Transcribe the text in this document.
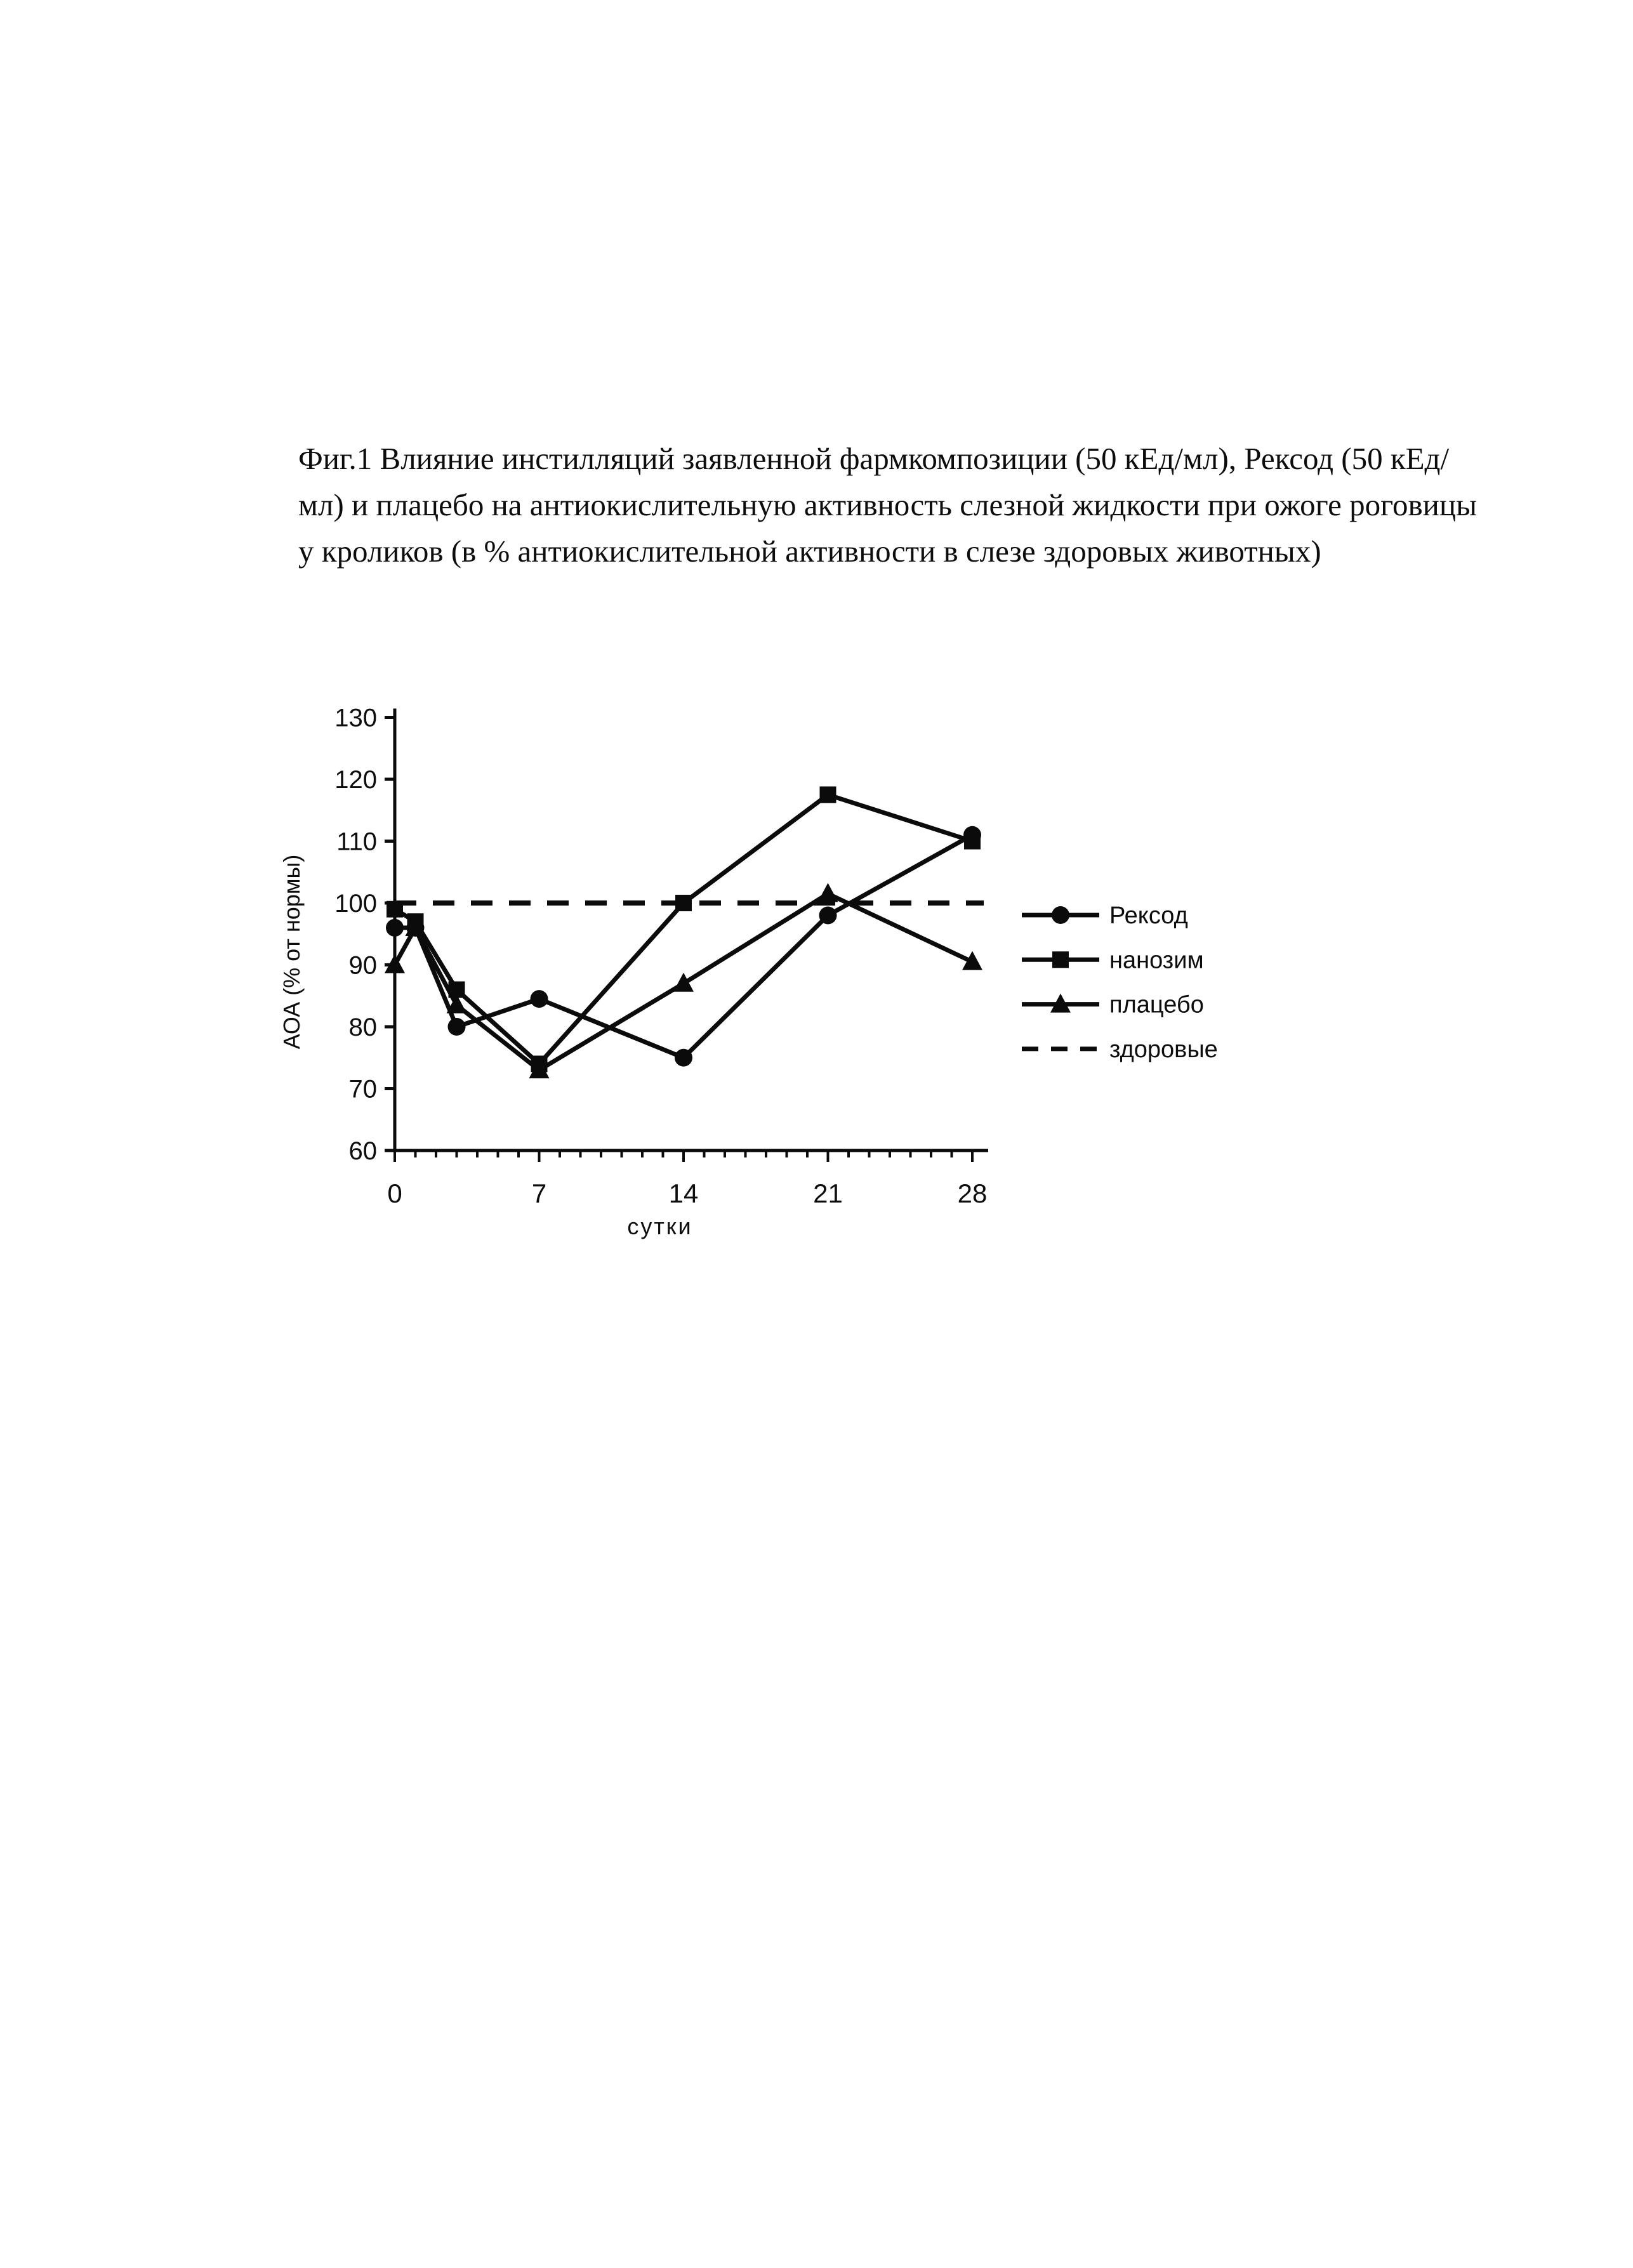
Фиг.1 Влияние инстилляций заявленной фармкомпозиции (50 кЕд/мл), Рексод (50 кЕд/мл) и плацебо на антиокислительную активность слезной жидкости при ожоге роговицы у кроликов (в % антиокислительной активности в слезе здоровых животных)
60
70
80
90
100
110
120
130
0	7	14	21	28
сутки
АОА (% от нормы)	Рексод
нанозим
плацебо
здоровые
